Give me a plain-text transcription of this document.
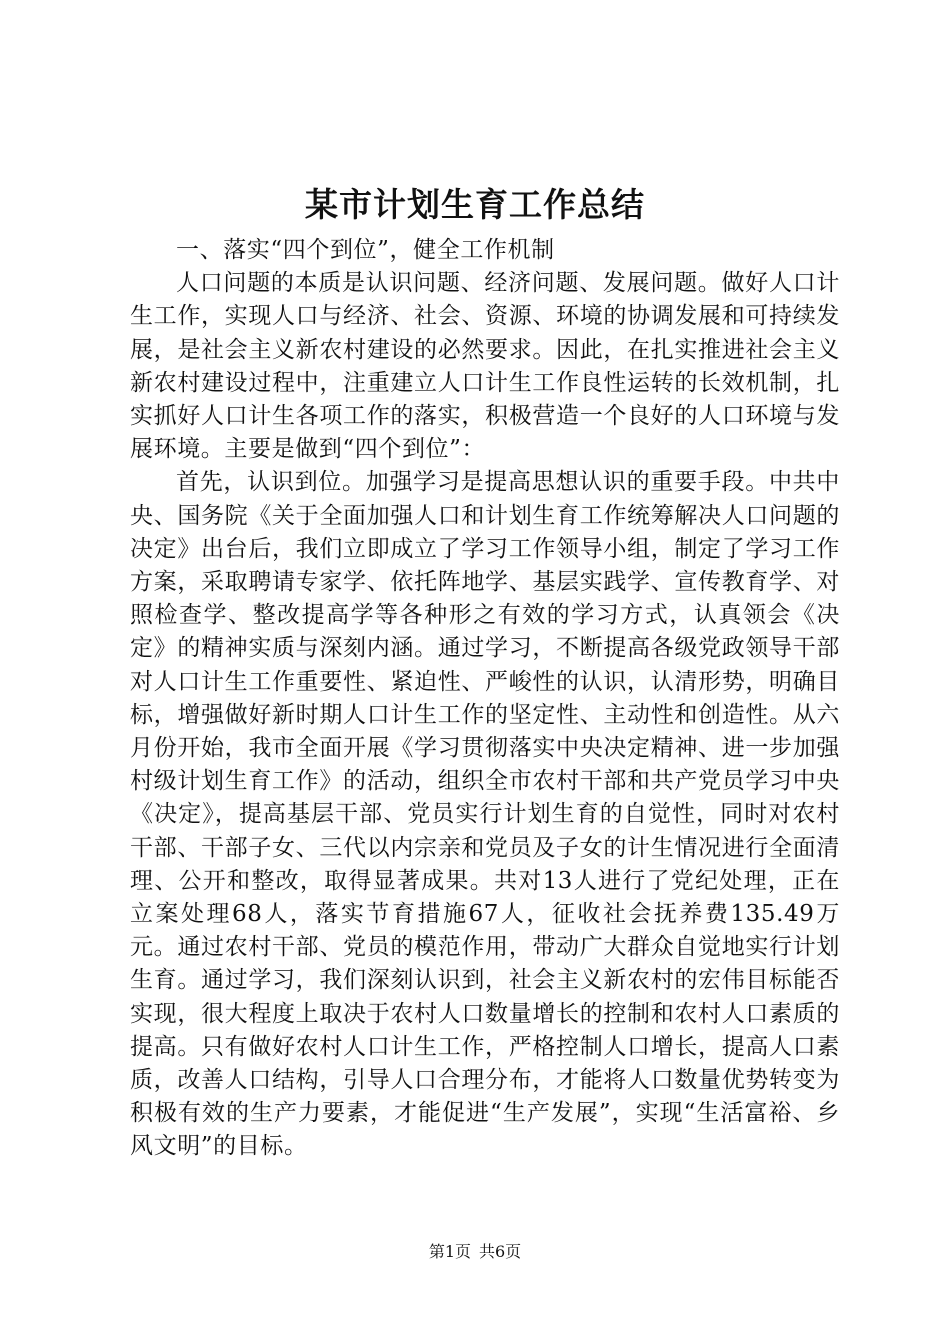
某市计划生育工作总结

一、落实“四个到位”，健全工作机制

人口问题的本质是认识问题、经济问题、发展问题。做好人口计生工作，实现人口与经济、社会、资源、环境的协调发展和可持续发展，是社会主义新农村建设的必然要求。因此，在扎实推进社会主义新农村建设过程中，注重建立人口计生工作良性运转的长效机制，扎实抓好人口计生各项工作的落实，积极营造一个良好的人口环境与发展环境。主要是做到“四个到位”：

首先，认识到位。加强学习是提高思想认识的重要手段。中共中央、国务院《关于全面加强人口和计划生育工作统筹解决人口问题的决定》出台后，我们立即成立了学习工作领导小组，制定了学习工作方案，采取聘请专家学、依托阵地学、基层实践学、宣传教育学、对照检查学、整改提高学等各种形之有效的学习方式，认真领会《决定》的精神实质与深刻内涵。通过学习，不断提高各级党政领导干部对人口计生工作重要性、紧迫性、严峻性的认识，认清形势，明确目标，增强做好新时期人口计生工作的坚定性、主动性和创造性。从六月份开始，我市全面开展《学习贯彻落实中央决定精神、进一步加强村级计划生育工作》的活动，组织全市农村干部和共产党员学习中央《决定》，提高基层干部、党员实行计划生育的自觉性，同时对农村干部、干部子女、三代以内宗亲和党员及子女的计生情况进行全面清理、公开和整改，取得显著成果。共对13人进行了党纪处理，正在立案处理68人，落实节育措施67人，征收社会抚养费135.49万元。通过农村干部、党员的模范作用，带动广大群众自觉地实行计划生育。通过学习，我们深刻认识到，社会主义新农村的宏伟目标能否实现，很大程度上取决于农村人口数量增长的控制和农村人口素质的提高。只有做好农村人口计生工作，严格控制人口增长，提高人口素质，改善人口结构，引导人口合理分布，才能将人口数量优势转变为积极有效的生产力要素，才能促进“生产发展”，实现“生活富裕、乡风文明”的目标。

第1页 共6页
